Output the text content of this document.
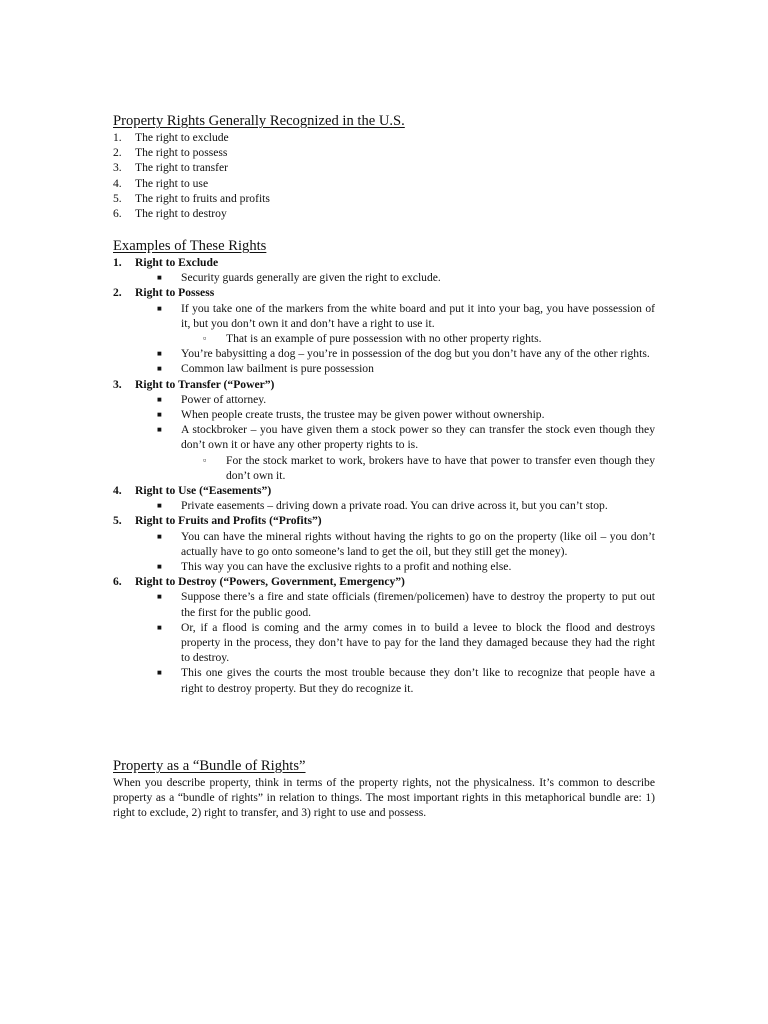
Property Rights Generally Recognized in the U.S.
1.	The right to exclude
2.	The right to possess
3.	The right to transfer
4.	The right to use
5.	The right to fruits and profits
6.	The right to destroy
Examples of These Rights
1.	Right to Exclude
■ Security guards generally are given the right to exclude.
2.	Right to Possess
■ If you take one of the markers from the white board and put it into your bag, you have possession of it, but you don’t own it and don’t have a right to use it.
▫ That is an example of pure possession with no other property rights.
■ You’re babysitting a dog – you’re in possession of the dog but you don’t have any of the other rights.
■ Common law bailment is pure possession
3.	Right to Transfer (“Power”)
■ Power of attorney.
■ When people create trusts, the trustee may be given power without ownership.
■ A stockbroker – you have given them a stock power so they can transfer the stock even though they don’t own it or have any other property rights to is.
▫ For the stock market to work, brokers have to have that power to transfer even though they don’t own it.
4.	Right to Use (“Easements”)
■ Private easements – driving down a private road. You can drive across it, but you can’t stop.
5.	Right to Fruits and Profits (“Profits”)
■ You can have the mineral rights without having the rights to go on the property (like oil – you don’t actually have to go onto someone’s land to get the oil, but they still get the money).
■ This way you can have the exclusive rights to a profit and nothing else.
6.	Right to Destroy (“Powers, Government, Emergency”)
■ Suppose there’s a fire and state officials (firemen/policemen) have to destroy the property to put out the first for the public good.
■ Or, if a flood is coming and the army comes in to build a levee to block the flood and destroys property in the process, they don’t have to pay for the land they damaged because they had the right to destroy.
■ This one gives the courts the most trouble because they don’t like to recognize that people have a right to destroy property. But they do recognize it.
Property as a “Bundle of Rights”
When you describe property, think in terms of the property rights, not the physicalness. It’s common to describe property as a “bundle of rights” in relation to things. The most important rights in this metaphorical bundle are: 1) right to exclude, 2) right to transfer, and 3) right to use and possess.
